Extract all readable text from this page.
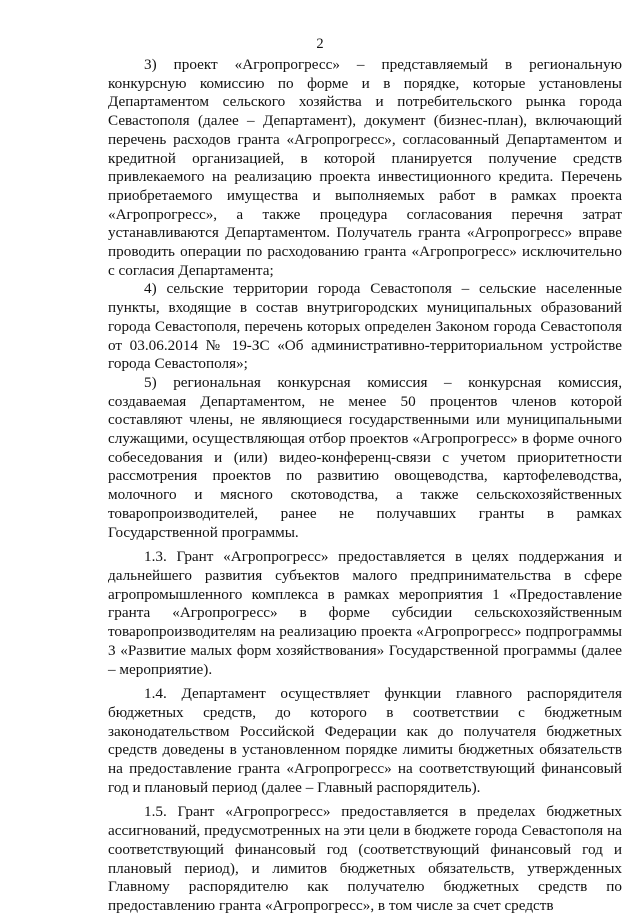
2

3) проект «Агропрогресс» – представляемый в региональную конкурсную комиссию по форме и в порядке, которые установлены Департаментом сельского хозяйства и потребительского рынка города Севастополя (далее – Департамент), документ (бизнес-план), включающий перечень расходов гранта «Агропрогресс», согласованный Департаментом и кредитной организацией, в которой планируется получение средств привлекаемого на реализацию проекта инвестиционного кредита. Перечень приобретаемого имущества и выполняемых работ в рамках проекта «Агропрогресс», а также процедура согласования перечня затрат устанавливаются Департаментом. Получатель гранта «Агропрогресс» вправе проводить операции по расходованию гранта «Агропрогресс» исключительно с согласия Департамента;

4) сельские территории города Севастополя – сельские населенные пункты, входящие в состав внутригородских муниципальных образований города Севастополя, перечень которых определен Законом города Севастополя от 03.06.2014 № 19-ЗС «Об административно-территориальном устройстве города Севастополя»;

5) региональная конкурсная комиссия – конкурсная комиссия, создаваемая Департаментом, не менее 50 процентов членов которой составляют члены, не являющиеся государственными или муниципальными служащими, осуществляющая отбор проектов «Агропрогресс» в форме очного собеседования и (или) видео-конференц-связи с учетом приоритетности рассмотрения проектов по развитию овощеводства, картофелеводства, молочного и мясного скотоводства, а также сельскохозяйственных товаропроизводителей, ранее не получавших гранты в рамках Государственной программы.

1.3. Грант «Агропрогресс» предоставляется в целях поддержания и дальнейшего развития субъектов малого предпринимательства в сфере агропромышленного комплекса в рамках мероприятия 1 «Предоставление гранта «Агропрогресс» в форме субсидии сельскохозяйственным товаропроизводителям на реализацию проекта «Агропрогресс» подпрограммы 3 «Развитие малых форм хозяйствования» Государственной программы (далее – мероприятие).

1.4. Департамент осуществляет функции главного распорядителя бюджетных средств, до которого в соответствии с бюджетным законодательством Российской Федерации как до получателя бюджетных средств доведены в установленном порядке лимиты бюджетных обязательств на предоставление гранта «Агропрогресс» на соответствующий финансовый год и плановый период (далее – Главный распорядитель).

1.5. Грант «Агропрогресс» предоставляется в пределах бюджетных ассигнований, предусмотренных на эти цели в бюджете города Севастополя на соответствующий финансовый год (соответствующий финансовый год и плановый период), и лимитов бюджетных обязательств, утвержденных Главному распорядителю как получателю бюджетных средств по предоставлению гранта «Агропрогресс», в том числе за счет средств
